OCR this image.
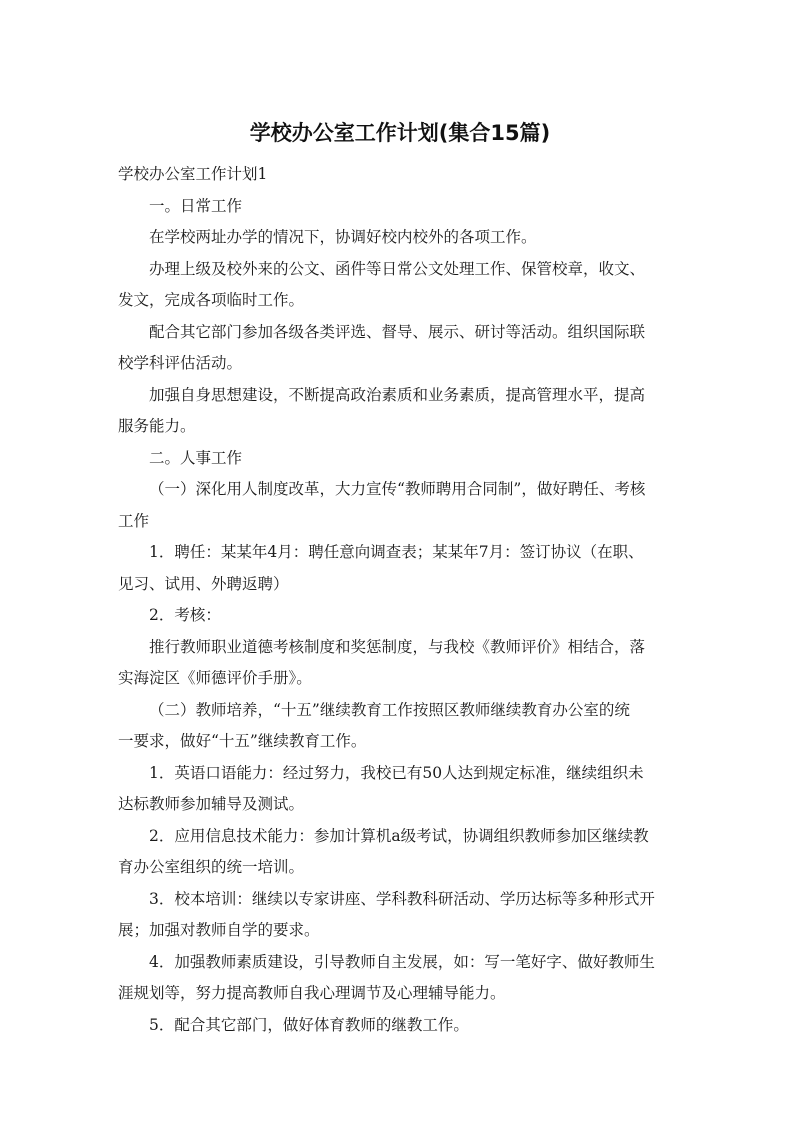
学校办公室工作计划(集合15篇)

学校办公室工作计划1

一。日常工作

在学校两址办学的情况下，协调好校内校外的各项工作。

办理上级及校外来的公文、函件等日常公文处理工作、保管校章，收文、
发文，完成各项临时工作。

配合其它部门参加各级各类评选、督导、展示、研讨等活动。组织国际联
校学科评估活动。

加强自身思想建设，不断提高政治素质和业务素质，提高管理水平，提高
服务能力。

二。人事工作

（一）深化用人制度改革，大力宣传“教师聘用合同制”，做好聘任、考核
工作

1．聘任：某某年4月：聘任意向调查表；某某年7月：签订协议（在职、
见习、试用、外聘返聘）

2．考核：

推行教师职业道德考核制度和奖惩制度，与我校《教师评价》相结合，落
实海淀区《师德评价手册》。

（二）教师培养，“十五”继续教育工作按照区教师继续教育办公室的统
一要求，做好“十五”继续教育工作。

1．英语口语能力：经过努力，我校已有50人达到规定标准，继续组织未
达标教师参加辅导及测试。

2．应用信息技术能力：参加计算机a级考试，协调组织教师参加区继续教
育办公室组织的统一培训。

3．校本培训：继续以专家讲座、学科教科研活动、学历达标等多种形式开
展；加强对教师自学的要求。

4．加强教师素质建设，引导教师自主发展，如：写一笔好字、做好教师生
涯规划等，努力提高教师自我心理调节及心理辅导能力。

5．配合其它部门，做好体育教师的继教工作。
